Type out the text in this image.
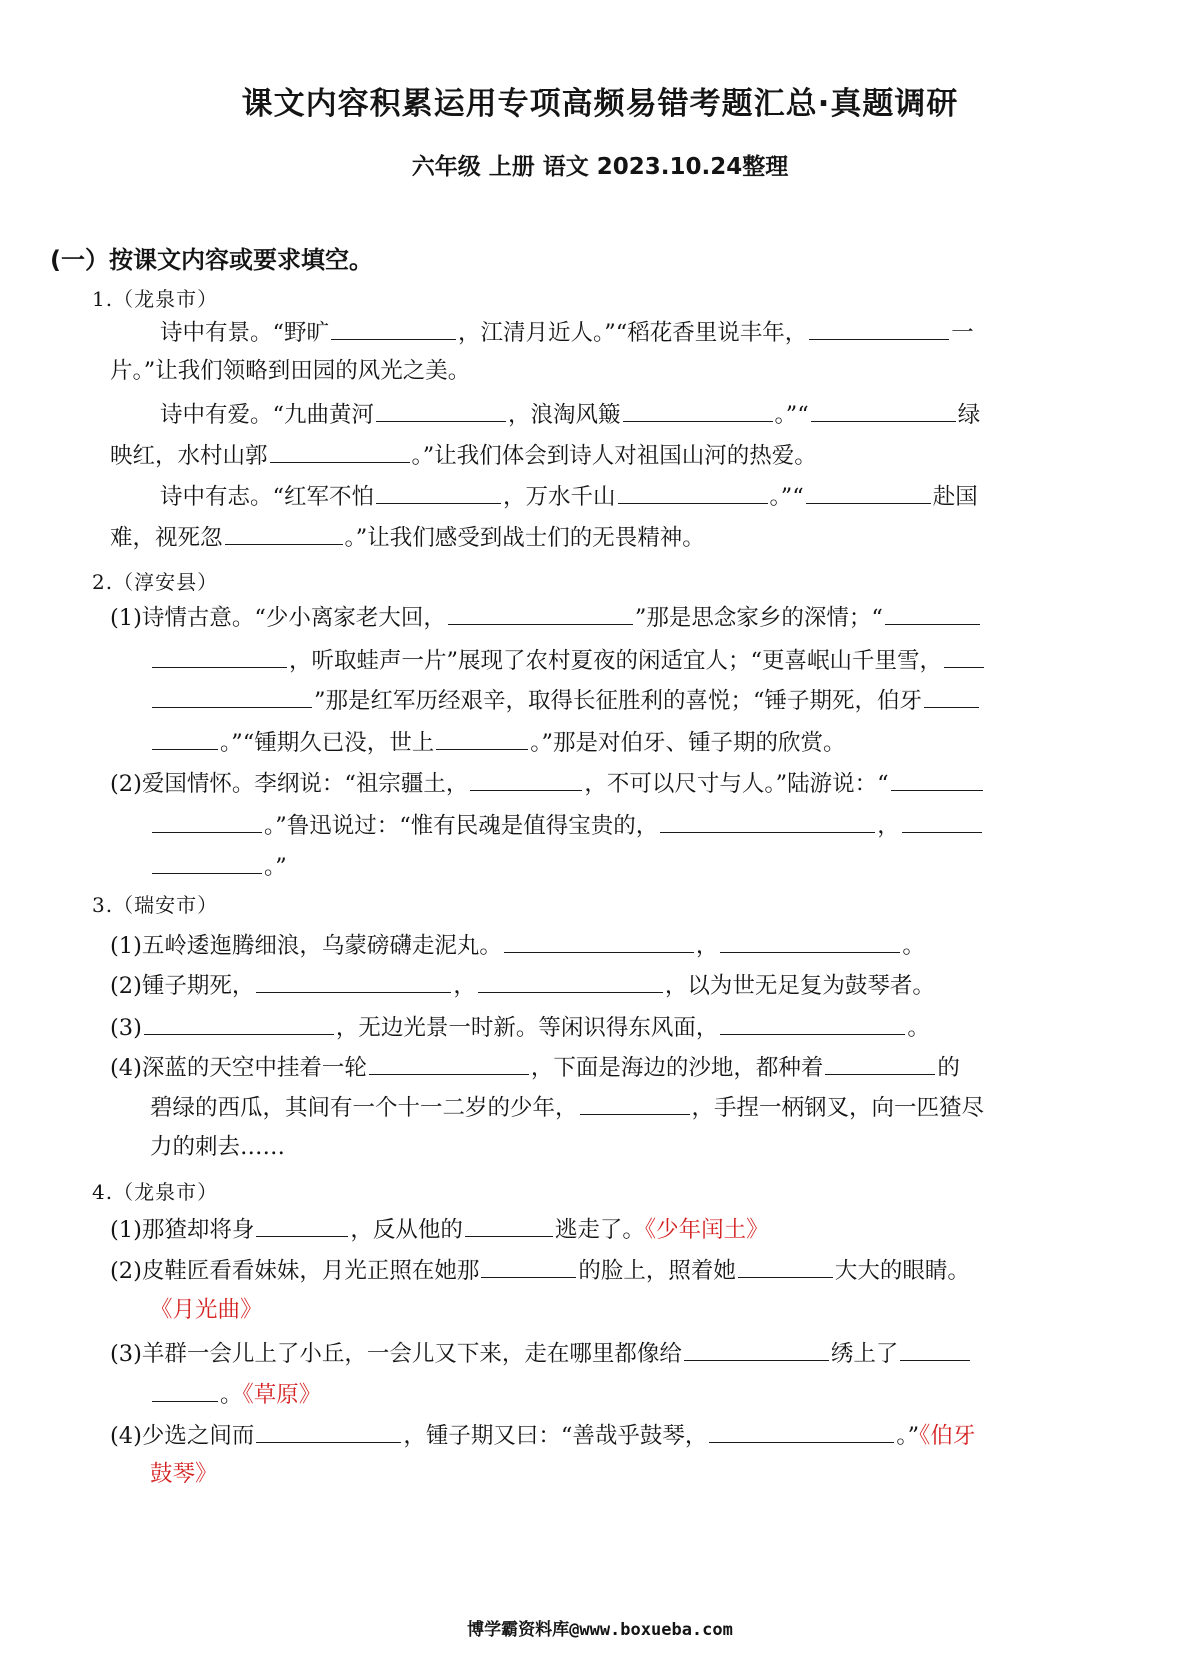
课文内容积累运用专项高频易错考题汇总·真题调研
六年级 上册 语文 2023.10.24整理
(一）按课文内容或要求填空。
1.（龙泉市）
诗中有景。“野旷	，江清月近人。”“稻花香里说丰年，	一
片。”让我们领略到田园的风光之美。
诗中有爱。“九曲黄河	，浪淘风簸	。”“	绿
映红，水村山郭	。”让我们体会到诗人对祖国山河的热爱。
诗中有志。“红军不怕	，万水千山	。”“	赴国
难，视死忽	。”让我们感受到战士们的无畏精神。
2.（淳安县）
(1)诗情古意。“少小离家老大回，	”那是思念家乡的深情；“
，听取蛙声一片”展现了农村夏夜的闲适宜人；“更喜岷山千里雪，
”那是红军历经艰辛，取得长征胜利的喜悦；“锤子期死，伯牙
。”“锺期久已没，世上	。”那是对伯牙、锺子期的欣赏。
(2)爱国情怀。李纲说：“祖宗疆土，	，不可以尺寸与人。”陆游说：“
。”鲁迅说过：“惟有民魂是值得宝贵的，	，
。”
3.（瑞安市）
(1)五岭逶迤腾细浪，乌蒙磅礴走泥丸。	，	。
(2)锺子期死，	，	，以为世无足复为鼓琴者。
(3)	，无边光景一时新。等闲识得东风面，	。
(4)深蓝的天空中挂着一轮	，下面是海边的沙地，都种着	的
碧绿的西瓜，其间有一个十一二岁的少年，	，手捏一柄钢叉，向一匹猹尽
力的刺去……
4.（龙泉市）
(1)那猹却将身	，反从他的	逃走了。《少年闰土》
(2)皮鞋匠看看妹妹，月光正照在她那	的脸上，照着她	大大的眼睛。
《月光曲》
(3)羊群一会儿上了小丘，一会儿又下来，走在哪里都像给	绣上了
。《草原》
(4)少选之间而	，锺子期又曰：“善哉乎鼓琴，	。”《伯牙
鼓琴》
博学霸资料库@www.boxueba.com
